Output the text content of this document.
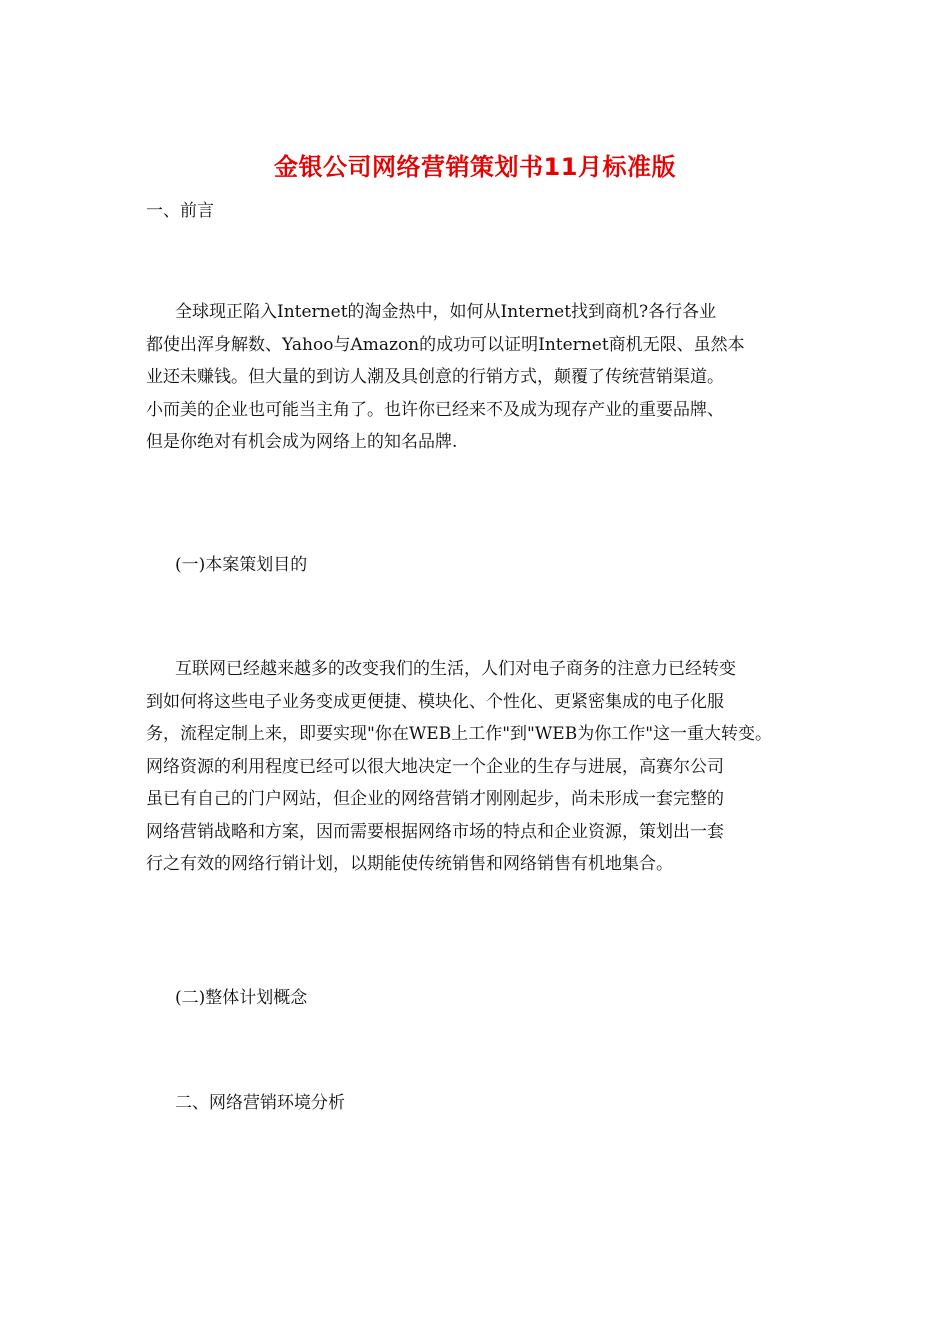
金银公司网络营销策划书11月标准版
一、前言
全球现正陷入Internet的淘金热中，如何从Internet找到商机?各行各业
都使出浑身解数、Yahoo与Amazon的成功可以证明Internet商机无限、虽然本
业还未赚钱。但大量的到访人潮及具创意的行销方式，颠覆了传统营销渠道。
小而美的企业也可能当主角了。也许你已经来不及成为现存产业的重要品牌、
但是你绝对有机会成为网络上的知名品牌.
(一)本案策划目的
互联网已经越来越多的改变我们的生活，人们对电子商务的注意力已经转变
到如何将这些电子业务变成更便捷、模块化、个性化、更紧密集成的电子化服
务，流程定制上来，即要实现"你在WEB上工作"到"WEB为你工作"这一重大转变。
网络资源的利用程度已经可以很大地决定一个企业的生存与进展，高赛尔公司
虽已有自己的门户网站，但企业的网络营销才刚刚起步，尚未形成一套完整的
网络营销战略和方案，因而需要根据网络市场的特点和企业资源，策划出一套
行之有效的网络行销计划，以期能使传统销售和网络销售有机地集合。
(二)整体计划概念
二、网络营销环境分析
